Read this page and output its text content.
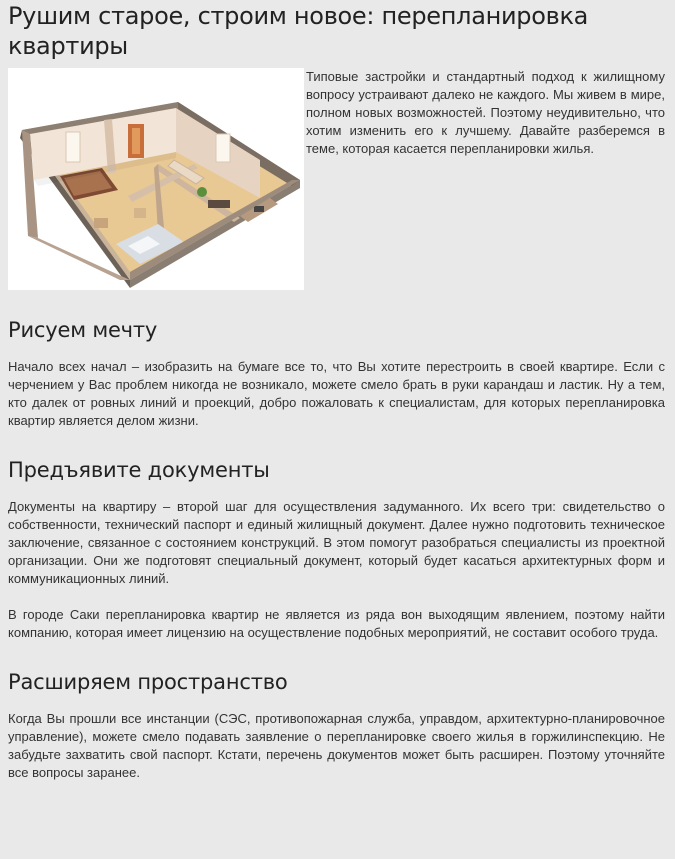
Рушим старое, строим новое: перепланировка квартиры

Типовые застройки и стандартный подход к жилищному вопросу устраивают далеко не каждого. Мы живем в мире, полном новых возможностей. Поэтому неудивительно, что хотим изменить его к лучшему. Давайте разберемся в теме, которая касается перепланировки жилья.

Рисуем мечту

Начало всех начал – изобразить на бумаге все то, что Вы хотите перестроить в своей квартире. Если с черчением у Вас проблем никогда не возникало, можете смело брать в руки карандаш и ластик. Ну а тем, кто далек от ровных линий и проекций, добро пожаловать к специалистам, для которых перепланировка квартир является делом жизни.

Предъявите документы

Документы на квартиру – второй шаг для осуществления задуманного. Их всего три: свидетельство о собственности, технический паспорт и единый жилищный документ. Далее нужно подготовить техническое заключение, связанное с состоянием конструкций. В этом помогут разобраться специалисты из проектной организации. Они же подготовят специальный документ, который будет касаться архитектурных форм и коммуникационных линий.

В городе Саки перепланировка квартир не является из ряда вон выходящим явлением, поэтому найти компанию, которая имеет лицензию на осуществление подобных мероприятий, не составит особого труда.

Расширяем пространство

Когда Вы прошли все инстанции (СЭС, противопожарная служба, управдом, архитектурно-планировочное управление), можете смело подавать заявление о перепланировке своего жилья в горжилинспекцию. Не забудьте захватить свой паспорт. Кстати, перечень документов может быть расширен. Поэтому уточняйте все вопросы заранее.
